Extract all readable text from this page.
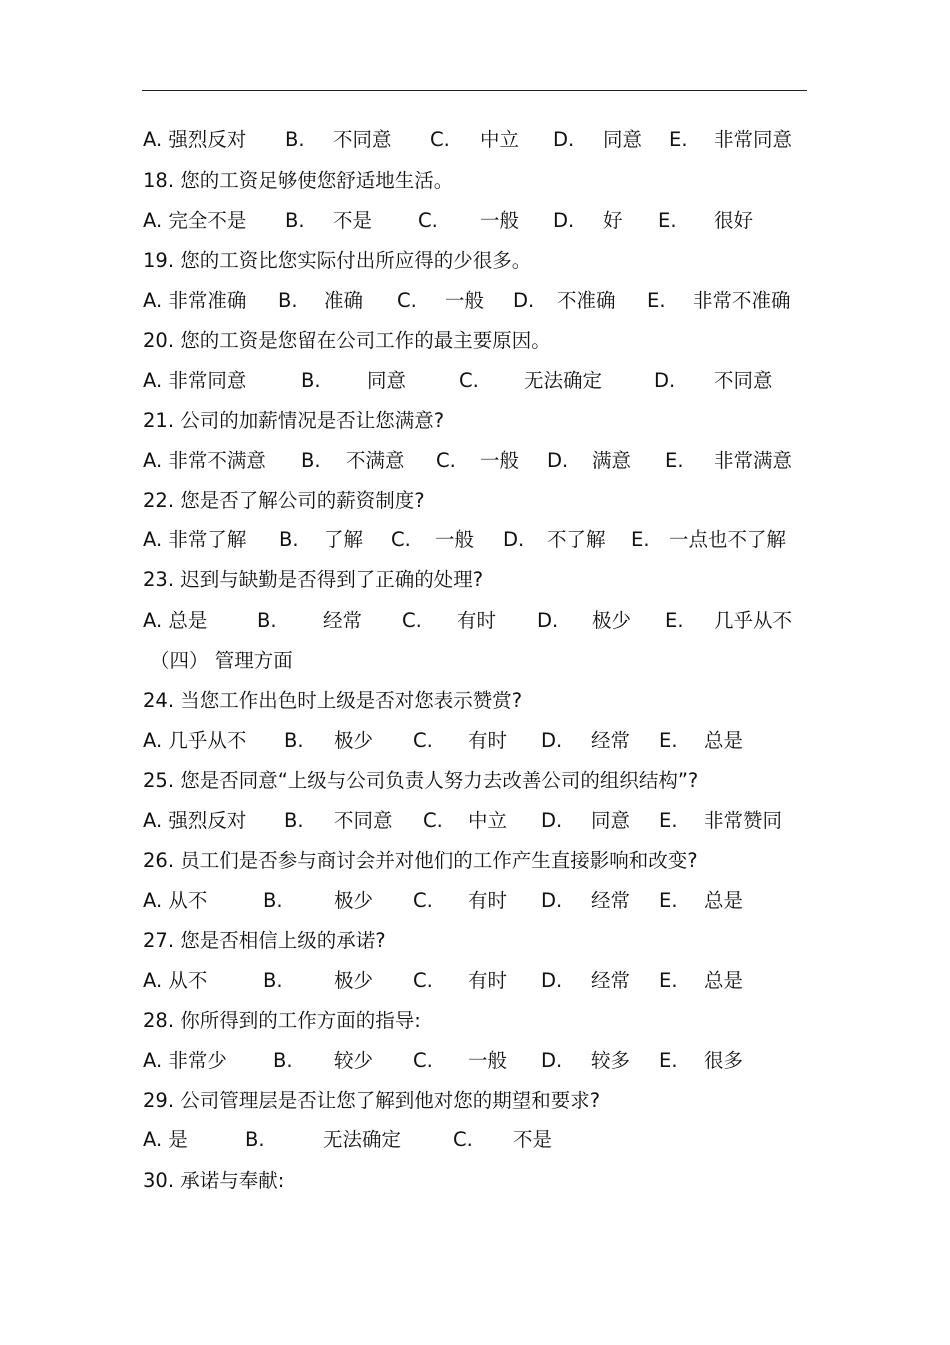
A. 强烈反对 B. 不同意 C. 中立 D. 同意 E. 非常同意
18. 您的工资足够使您舒适地生活。
A. 完全不是 B. 不是 C. 一般 D. 好 E. 很好
19. 您的工资比您实际付出所应得的少很多。
A. 非常准确 B. 准确 C. 一般 D. 不准确 E. 非常不准确
20. 您的工资是您留在公司工作的最主要原因。
A. 非常同意	B. 同意	C. 无法确定	D. 不同意
21. 公司的加薪情况是否让您满意?
A. 非常不满意 B. 不满意 C. 一般 D. 满意 E. 非常满意
22. 您是否了解公司的薪资制度?
A. 非常了解 B. 了解 C. 一般 D. 不了解 E. 一点也不了解
23. 迟到与缺勤是否得到了正确的处理?
A. 总是	B. 经常 C. 有时 D. 极少 E. 几乎从不
（四） 管理方面
24. 当您工作出色时上级是否对您表示赞赏?
A. 几乎从不 B. 极少 C. 有时 D. 经常 E. 总是
25. 您是否同意“上级与公司负责人努力去改善公司的组织结构”?
A. 强烈反对 B. 不同意 C. 中立 D. 同意 E. 非常赞同
26. 员工们是否参与商讨会并对他们的工作产生直接影响和改变?
A. 从不	B.	极少 C. 有时 D. 经常 E. 总是
27. 您是否相信上级的承诺?
A. 从不	B.	极少 C. 有时 D. 经常 E. 总是
28. 你所得到的工作方面的指导:
A. 非常少 B. 较少 C. 一般 D. 较多 E. 很多
29. 公司管理层是否让您了解到他对您的期望和要求?
A. 是	B.	无法确定	C. 不是
30. 承诺与奉献:
